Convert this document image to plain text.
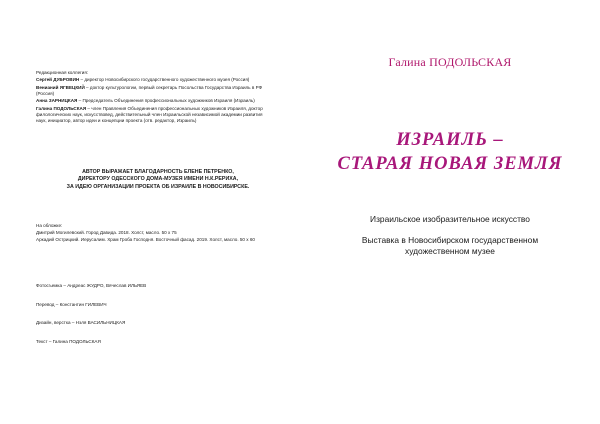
Редакционная коллегия:

Сергей ДУБРОВИН – директор Новосибирского государственного художественного музея (Россия)

Венианий ЯГВЕЦКИЙ – доктор культурологии, первый секретарь Посольства Государства Израиль в РФ (Россия)

Анна ЗАРНИЦКАЯ – Председатель Объединения профессиональных художников Израиля (Израиль)

Галина ПОДОЛЬСКАЯ – член Правления Объединения профессиональных художников Израиля, доктор филологических наук, искусствовед, действительный член Израильской независимой академии развития наук, инициатор, автор идеи и концепции проекта (отв. редактор, Израиль)

АВТОР ВЫРАЖАЕТ БЛАГОДАРНОСТЬ ЕЛЕНЕ ПЕТРЕНКО,

ДИРЕКТОРУ ОДЕССКОГО ДОМА-МУЗЕЯ ИМЕНИ Н.К.РЕРИХА,

ЗА ИДЕЮ ОРГАНИЗАЦИИ ПРОЕКТА ОБ ИЗРАИЛЕ В НОВОСИБИРСКЕ.

На обложке:

Дмитрий Могилевский. Город Давида. 2018. Холст, масло. 50 х 75

Аркадий Острицкий. Иерусалим. Храм Гроба Господня. Восточный фасад. 2019. Холст, масло. 50 х 60

Фотосъемка – Андреас ЖУДРО, Вячеслав ИЛЬЯЕВ

Перевод – Константин ГИЛЕВИЧ

Дизайн, верстка – Нэля ВАСИЛЬНИЦКАЯ

Текст – Галина ПОДОЛЬСКАЯ

Галина ПОДОЛЬСКАЯ

ИЗРАИЛЬ –

СТАРАЯ НОВАЯ ЗЕМЛЯ

Израильское изобразительное искусство

Выставка в Новосибирском государственном

художественном музее
